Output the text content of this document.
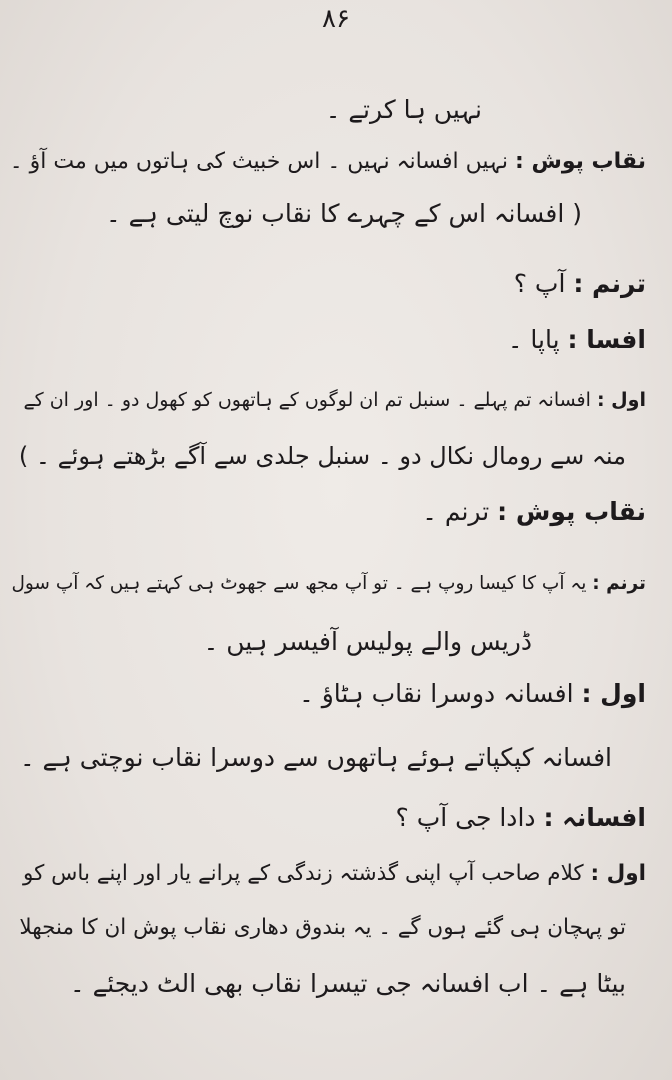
۸۶
نہیں ہا کرتے ۔
نقاب پوش : نہیں افسانہ نہیں ۔ اس خبیث کی ہاتوں میں مت آؤ ۔
( افسانہ اس کے چہرے کا نقاب نوچ لیتی ہے ۔
ترنم : آپ ؟
افسا : پاپا ۔
اول : افسانہ تم پہلے ۔ سنبل تم ان لوگوں کے ہاتھوں کو کھول دو ۔ اور ان کے
منہ سے رومال نکال دو ۔ سنبل جلدی سے آگے بڑھتے ہوئے ۔ )
نقاب پوش : ترنم ۔
ترنم : یہ آپ کا کیسا روپ ہے ۔ تو آپ مجھ سے جھوٹ ہی کہتے ہیں کہ آپ سول
ڈریس والے پولیس آفیسر ہیں ۔
اول : افسانہ دوسرا نقاب ہٹاؤ ۔
افسانہ کپکپاتے ہوئے ہاتھوں سے دوسرا نقاب نوچتی ہے ۔
افسانہ : دادا جی آپ ؟
اول : کلام صاحب آپ اپنی گذشتہ زندگی کے پرانے یار اور اپنے باس کو
تو پہچان ہی گئے ہوں گے ۔ یہ بندوق دھاری نقاب پوش ان کا منجھلا
بیٹا ہے ۔ اب افسانہ جی تیسرا نقاب بھی الٹ دیجئے ۔
